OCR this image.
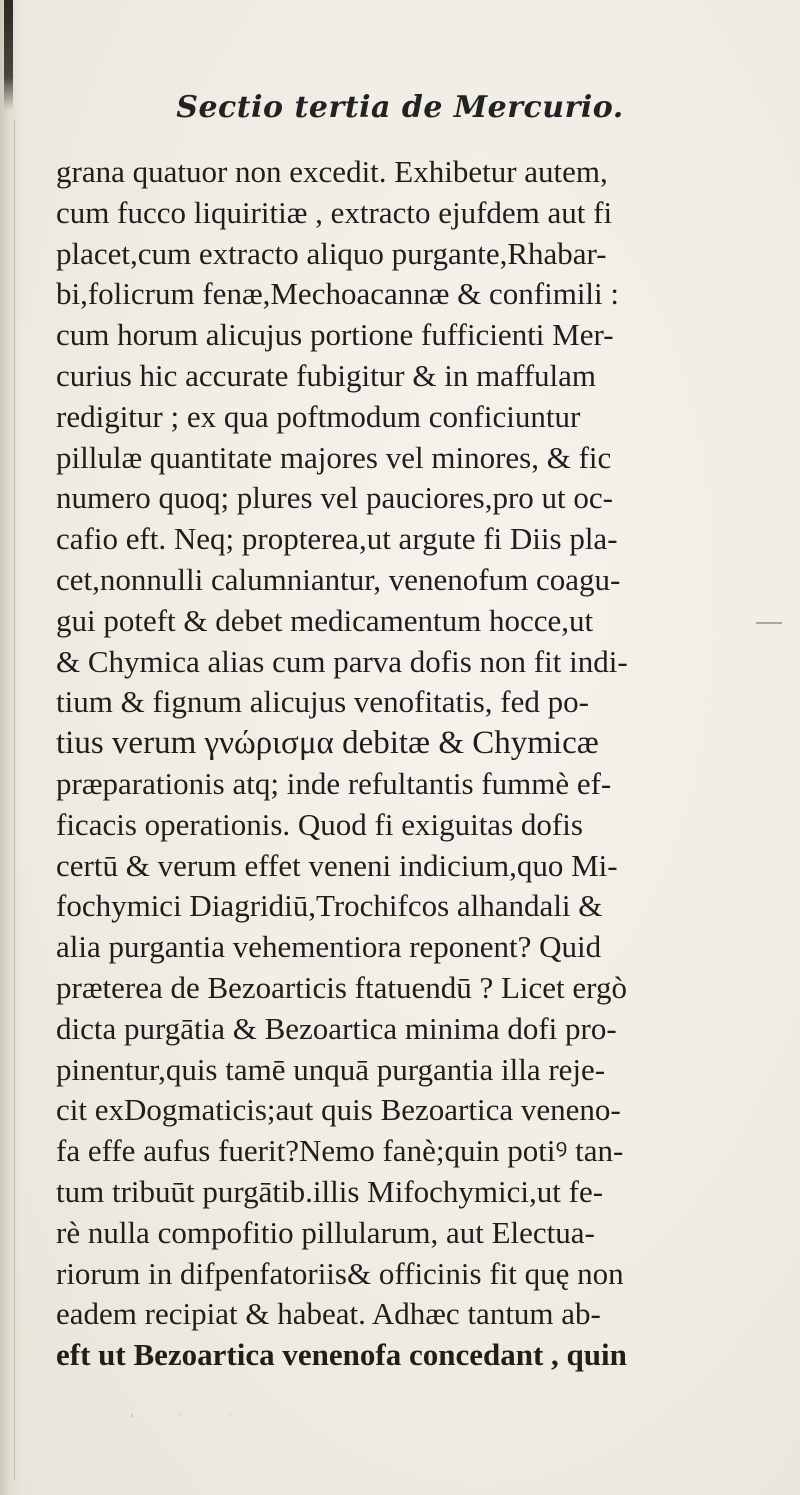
Sectio tertia de Mercurio.
grana quatuor non excedit. Exhibetur autem,
cum fucco liquiritiæ , extracto ejufdem aut fi
placet,cum extracto aliquo purgante,Rhabar-
bi,folicrum fenæ,Mechoacannæ & confimili :
cum horum alicujus portione fufficienti Mer-
curius hic accurate fubigitur & in maffulam
redigitur ; ex qua poftmodum conficiuntur
pillulæ quantitate majores vel minores, & fic
numero quoq; plures vel pauciores,pro ut oc-
cafio eft. Neq; propterea,ut argute fi Diis pla-
cet,nonnulli calumniantur, venenofum coagu-
gui poteft & debet medicamentum hocce,ut
& Chymica alias cum parva dofis non fit indi-
tium & fignum alicujus venofitatis, fed po-
tius verum γνώρισμα debitæ & Chymicæ
præparationis atq; inde refultantis fummè ef-
ficacis operationis. Quod fi exiguitas dofis
certū & verum effet veneni indicium,quo Mi-
fochymici Diagridiū,Trochifcos alhandali &
alia purgantia vehementiora reponent? Quid
præterea de Bezoarticis ftatuendū ? Licet ergò
dicta purgātia & Bezoartica minima dofi pro-
pinentur,quis tamē unquā purgantia illa reje-
cit exDogmaticis;aut quis Bezoartica veneno-
fa effe aufus fuerit?Nemo fanè;quin potiꝰ tan-
tum tribuūt purgātib.illis Mifochymici,ut fe-
rè nulla compofitio pillularum, aut Electua-
riorum in difpenfatoriis& officinis fit quę non
eadem recipiat & habeat. Adhæc tantum ab-
eft ut Bezoartica venenofa concedant , quin
' ˙ ˙
